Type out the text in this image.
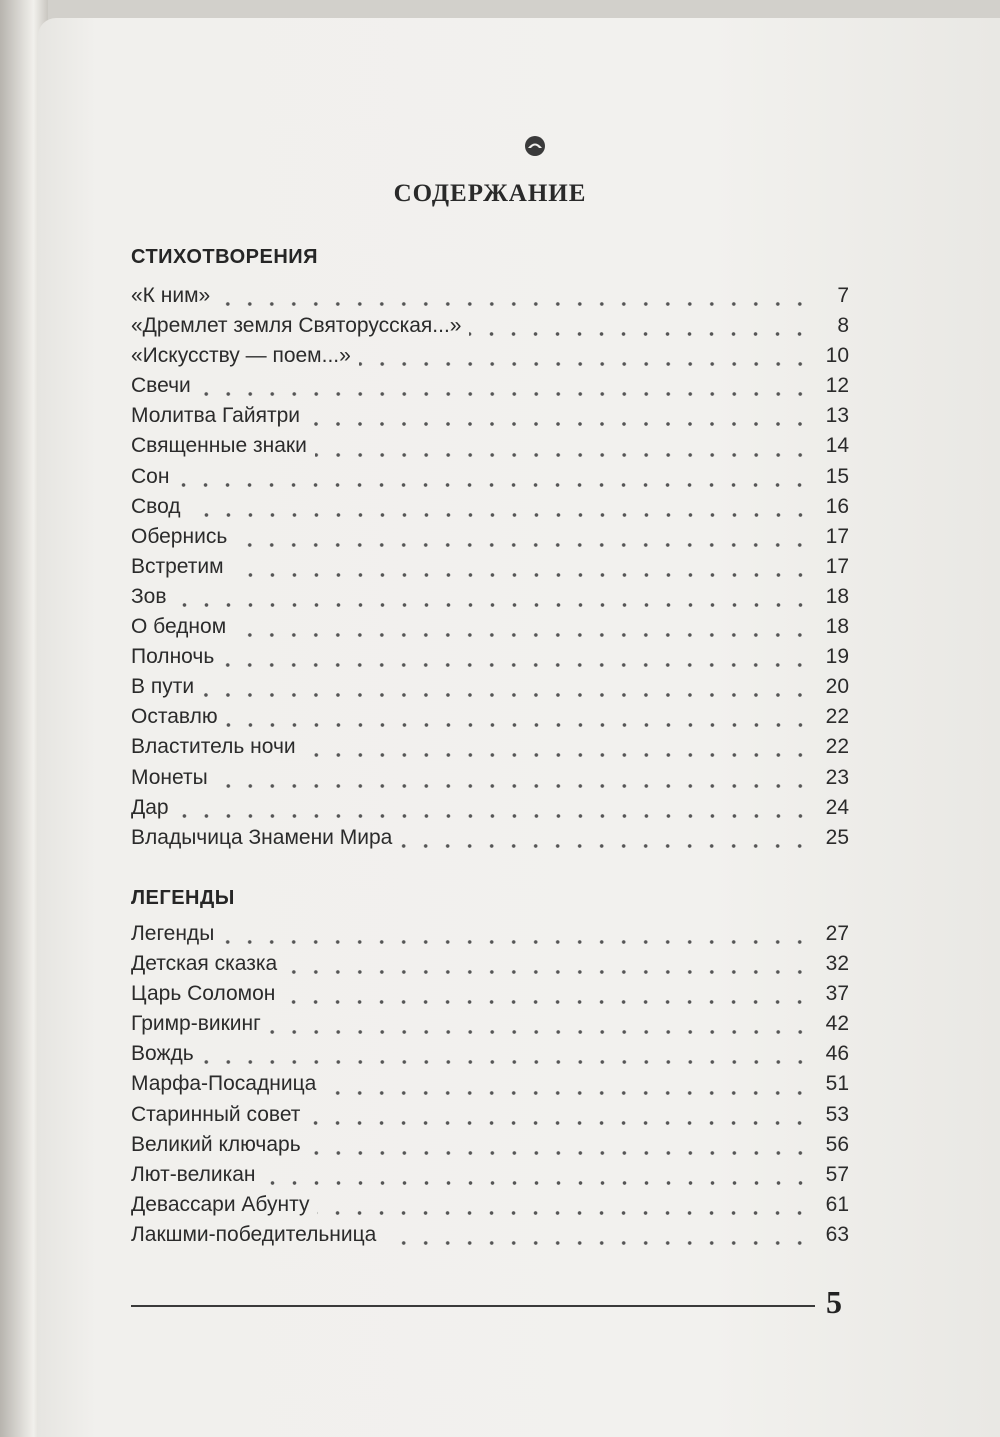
СОДЕРЖАНИЕ
СТИХОТВОРЕНИЯ
«К ним»	7
«Дремлет земля Святорусская...»	8
«Искусству — поем...»	10
Свечи	12
Молитва Гайятри	13
Священные знаки	14
Сон	15
Свод	16
Обернись	17
Встретим	17
Зов	18
О бедном	18
Полночь	19
В пути	20
Оставлю	22
Властитель ночи	22
Монеты	23
Дар	24
Владычица Знамени Мира	25
ЛЕГЕНДЫ
Легенды	27
Детская сказка	32
Царь Соломон	37
Гримр-викинг	42
Вождь	46
Марфа-Посадница	51
Старинный совет	53
Великий ключарь	56
Лют-великан	57
Девассари Абунту	61
Лакшми-победительница	63
5
